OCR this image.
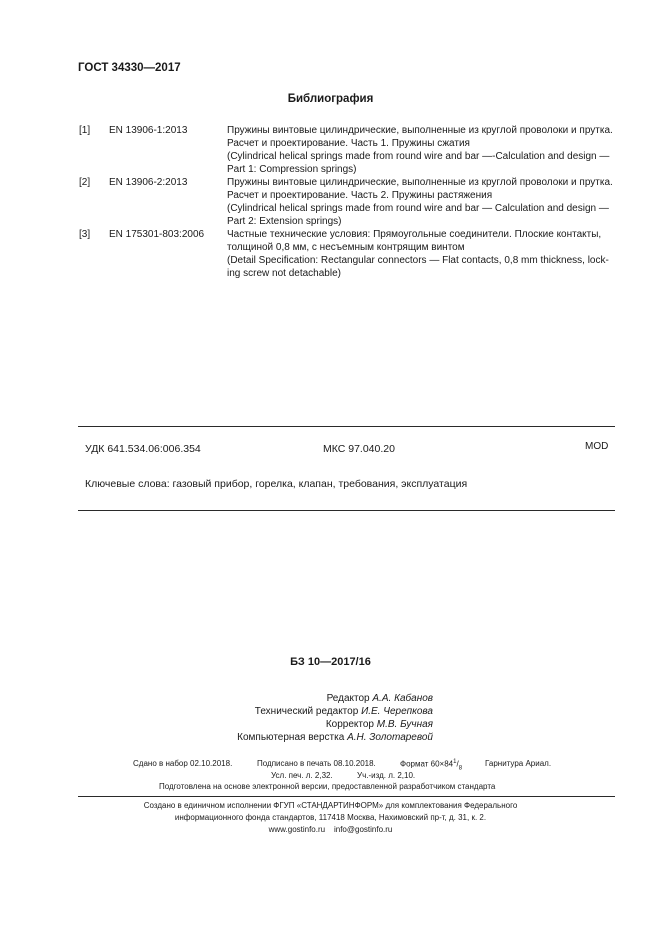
ГОСТ 34330—2017
Библиография
[1] EN 13906-1:2013	Пружины винтовые цилиндрические, выполненные из круглой проволоки и прутка.
Расчет и проектирование. Часть 1. Пружины сжатия
(Cylindrical helical springs made from round wire and bar —-Calculation and design —
Part 1: Compression springs)
[2] EN 13906-2:2013	Пружины винтовые цилиндрические, выполненные из круглой проволоки и прутка.
Расчет и проектирование. Часть 2. Пружины растяжения
(Cylindrical helical springs made from round wire and bar — Calculation and design —
Part 2: Extension springs)
[3] EN 175301-803:2006 Частные технические условия: Прямоугольные соединители. Плоские контакты,
толщиной 0,8 мм, с несъемным контрящим винтом
(Detail Specification: Rectangular connectors — Flat contacts, 0,8 mm thickness, lock-
ing screw not detachable)
УДК 641.534.06:006.354	МКС 97.040.20	MOD
Ключевые слова: газовый прибор, горелка, клапан, требования, эксплуатация
БЗ 10—2017/16
Редактор А.А. Кабанов
Технический редактор И.Е. Черепкова
Корректор М.В. Бучная
Компьютерная верстка А.Н. Золотаревой
Сдано в набор 02.10.2018.	Подписано в печать 08.10.2018.	Формат $60\times 84^1/_8$
Гарнитура Ариал.
Усл. печ. л. 2,32.	Уч.-изд. л. 2,10.
Подготовлена на основе электронной версии, предоставленной разработчиком стандарта
Создано в единичном исполнении ФГУП «СТАНДАРТИНФОРМ» для комплектования Федерального
информационного фонда стандартов, 117418 Москва, Нахимовский пр-т, д. 31, к. 2.
www.gostinfo.ru info@gostinfo.ru
